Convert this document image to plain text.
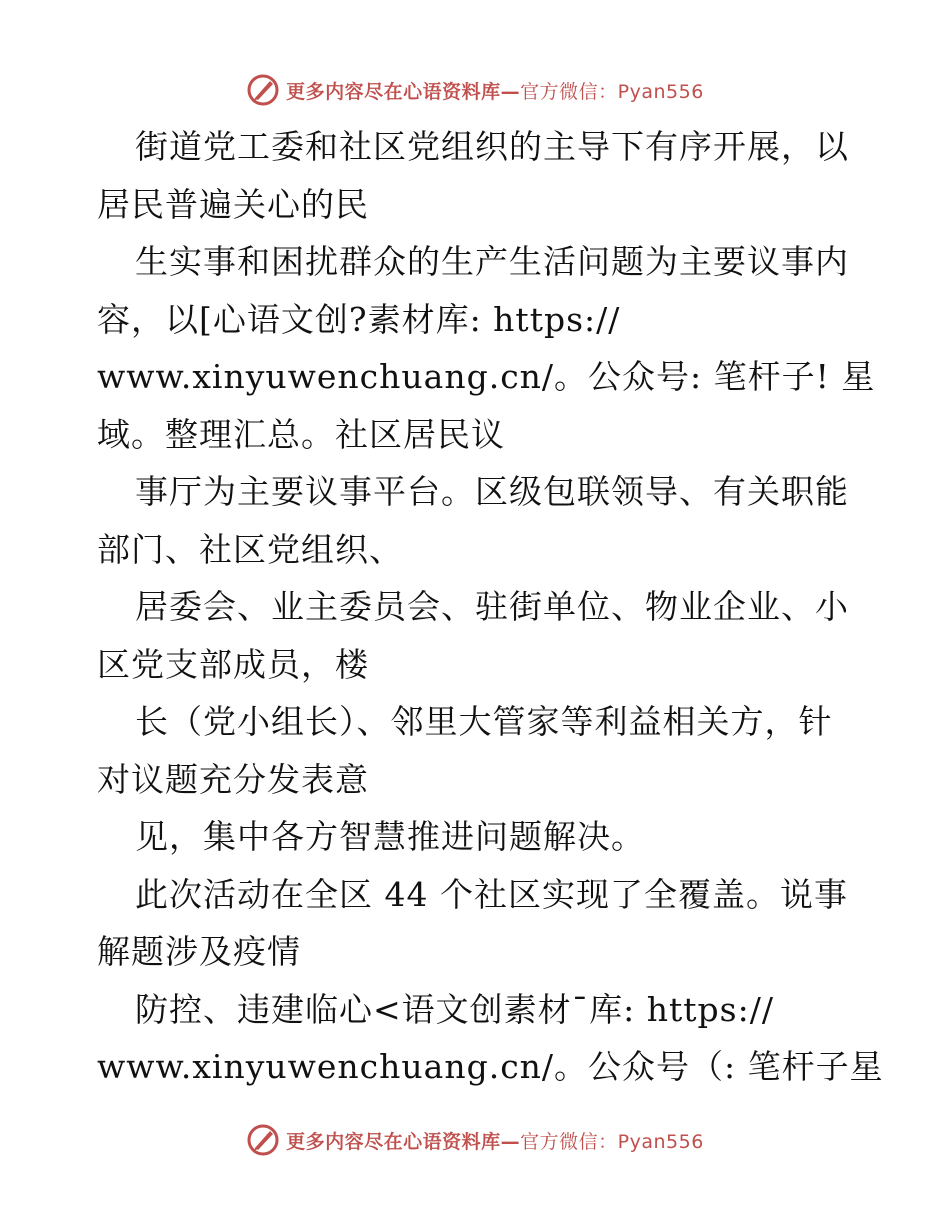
更多内容尽在心语资料库—官方微信：Pyan556
街道党工委和社区党组织的主导下有序开展，以
居民普遍关心的民
生实事和困扰群众的生产生活问题为主要议事内
容，以[心语文创?素材库: https://
www.xinyuwenchuang.cn/。公众号: 笔杆子! 星
域。整理汇总。社区居民议
事厅为主要议事平台。区级包联领导、有关职能
部门、社区党组织、
居委会、业主委员会、驻街单位、物业企业、小
区党支部成员，楼
长（党小组长）、邻里大管家等利益相关方，针
对议题充分发表意
见，集中各方智慧推进问题解决。
此次活动在全区 44 个社区实现了全覆盖。说事
解题涉及疫情
防控、违建临心<语文创素材¯库: https://
www.xinyuwenchuang.cn/。公众号（: 笔杆子星
更多内容尽在心语资料库—官方微信：Pyan556
